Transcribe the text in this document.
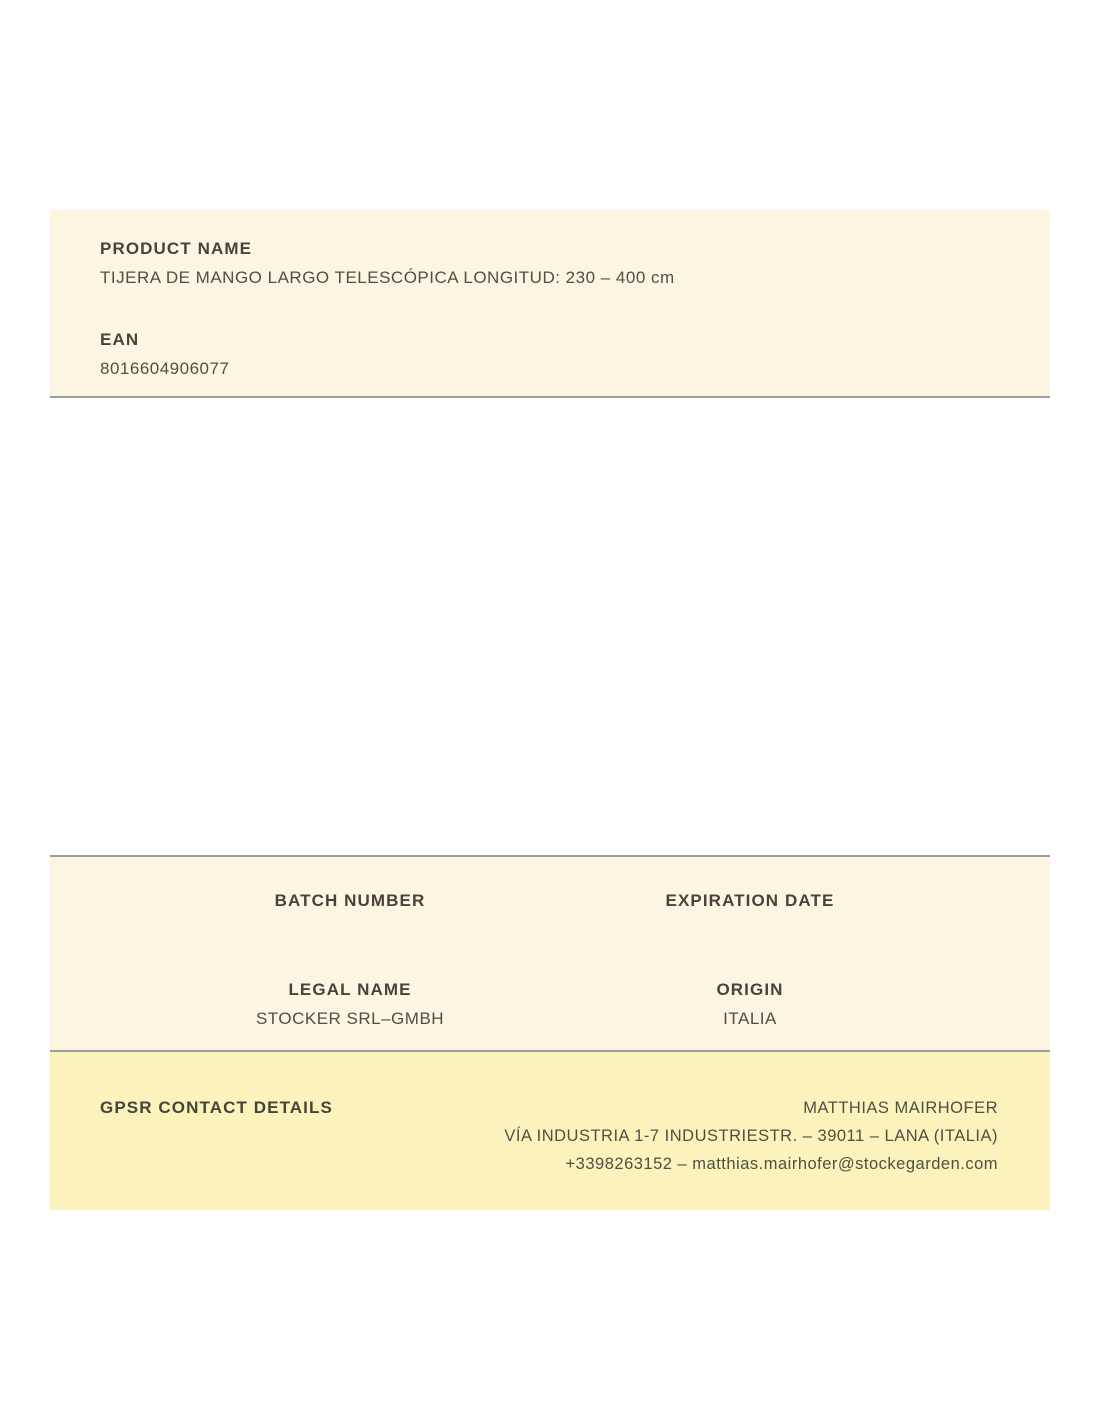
PRODUCT NAME
TIJERA DE MANGO LARGO TELESCÓPICA LONGITUD: 230 – 400 cm
EAN
8016604906077
BATCH NUMBER
LEGAL NAME
STOCKER SRL–GMBH
EXPIRATION DATE
ORIGIN
ITALIA
GPSR CONTACT DETAILS	MATTHIAS MAIRHOFER
VÍA INDUSTRIA 1-7 INDUSTRIESTR. – 39011 – LANA (ITALIA)
+3398263152 – matthias.mairhofer@stockegarden.com
